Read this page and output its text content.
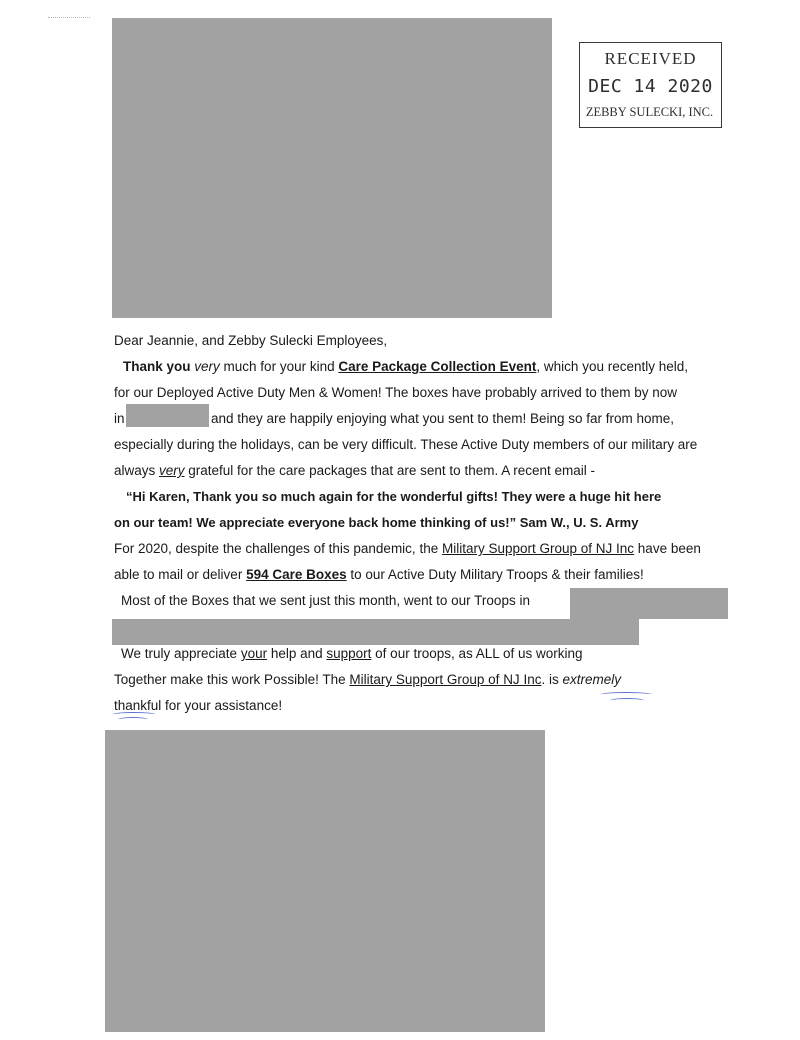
RECEIVED
DEC 14 2020
ZEBBY SULECKI, INC.
Dear Jeannie, and Zebby Sulecki Employees,
Thank you very much for your kind Care Package Collection Event, which you recently held,
for our Deployed Active Duty Men & Women! The boxes have probably arrived to them by now
in	and they are happily enjoying what you sent to them! Being so far from home,
especially during the holidays, can be very difficult. These Active Duty members of our military are
always very grateful for the care packages that are sent to them. A recent email -
“Hi Karen, Thank you so much again for the wonderful gifts! They were a huge hit here
on our team! We appreciate everyone back home thinking of us!” Sam W., U. S. Army
For 2020, despite the challenges of this pandemic, the Military Support Group of NJ Inc have been
able to mail or deliver 594 Care Boxes to our Active Duty Military Troops & their families!
Most of the Boxes that we sent just this month, went to our Troops in
We truly appreciate your help and support of our troops, as ALL of us working
Together make this work Possible! The Military Support Group of NJ Inc. is extremely
thankful for your assistance!
